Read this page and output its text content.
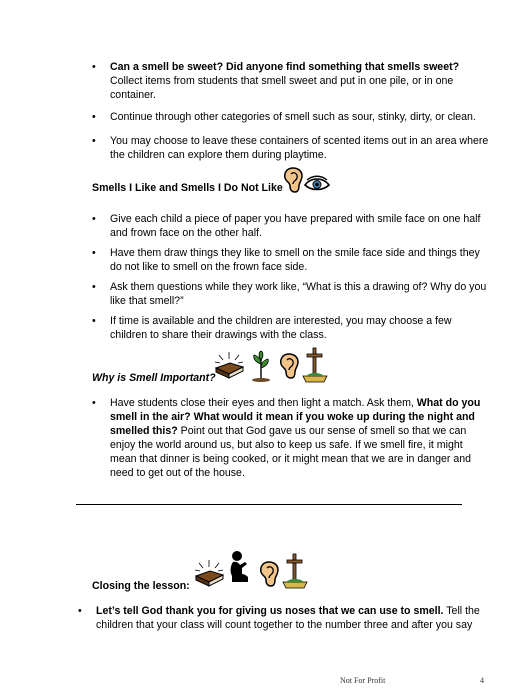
•	Can a smell be sweet? Did anyone find something that smells sweet?
Collect items from students that smell sweet and put in one pile, or in one
container.
•	Continue through other categories of smell such as sour, stinky, dirty, or clean.
•	You may choose to leave these containers of scented items out in an area where
the children can explore them during playtime.
Smells I Like and Smells I Do Not Like
•	Give each child a piece of paper you have prepared with smile face on one half
and frown face on the other half.
•	Have them draw things they like to smell on the smile face side and things they
do not like to smell on the frown face side.
•	Ask them questions while they work like, “What is this a drawing of? Why do you
like that smell?”
•	If time is available and the children are interested, you may choose a few
children to share their drawings with the class.
Why is Smell Important?
•	Have students close their eyes and then light a match. Ask them, What do you
smell in the air? What would it mean if you woke up during the night and
smelled this? Point out that God gave us our sense of smell so that we can
enjoy the world around us, but also to keep us safe. If we smell fire, it might
mean that dinner is being cooked, or it might mean that we are in danger and
need to get out of the house.
Closing the lesson:
•	Let’s tell God thank you for giving us noses that we can use to smell. Tell the
children that your class will count together to the number three and after you say
Not For Profit	4
